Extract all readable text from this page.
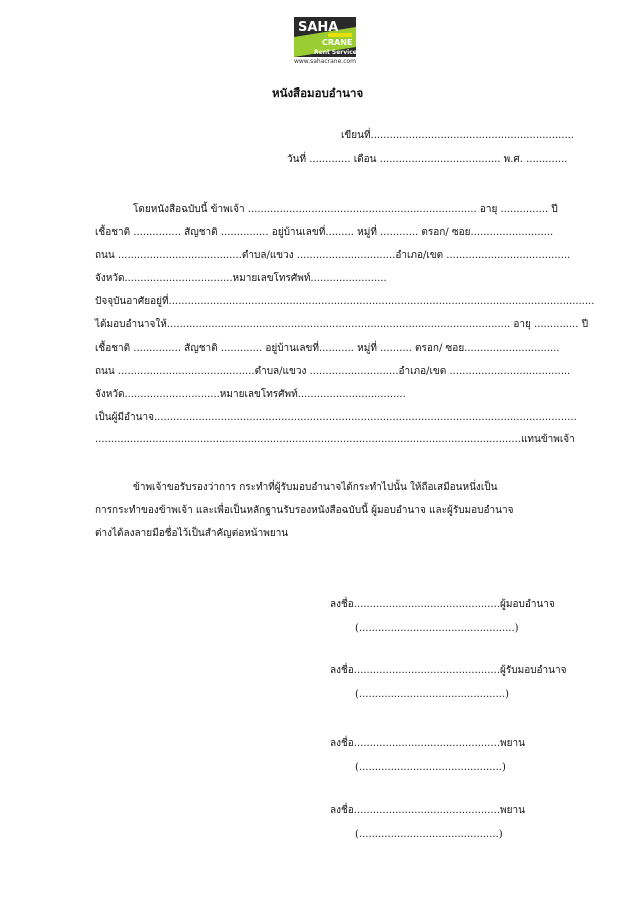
SAHA
CRANE
Rent Service
www.sahacrane.com
หนังสือมอบอำนาจ
เขียนที่................................................................
วันที่ ............. เดือน ...................................... พ.ศ. .............
โดยหนังสือฉบับนี้ ข้าพเจ้า ........................................................................ อายุ ............... ปี
เชื้อชาติ ............... สัญชาติ ............... อยู่บ้านเลขที่......... หมู่ที่ ............ ตรอก/ ซอย..........................
ถนน .......................................ตำบล/แขวง ...............................อำเภอ/เขต .......................................
จังหวัด..................................หมายเลขโทรศัพท์........................
ปัจจุบันอาศัยอยู่ที่......................................................................................................................................
ได้มอบอำนาจให้............................................................................................................ อายุ .............. ปี
เชื้อชาติ ............... สัญชาติ ............. อยู่บ้านเลขที่........... หมู่ที่ .......... ตรอก/ ซอย..............................
ถนน ...........................................ตำบล/แขวง ............................อำเภอ/เขต ......................................
จังหวัด..............................หมายเลขโทรศัพท์..................................
เป็นผู้มีอำนาจ.....................................................................................................................................
......................................................................................................................................แทนข้าพเจ้า
ข้าพเจ้าขอรับรองว่าการ กระทำที่ผู้รับมอบอำนาจได้กระทำไปนั้น ให้ถือเสมือนหนึ่งเป็น
การกระทำของข้าพเจ้า และเพื่อเป็นหลักฐานรับรองหนังสือฉบับนี้ ผู้มอบอำนาจ และผู้รับมอบอำนาจ
ต่างได้ลงลายมือชื่อไว้เป็นสำคัญต่อหน้าพยาน
ลงชื่อ..............................................ผู้มอบอำนาจ
(.................................................)
ลงชื่อ..............................................ผู้รับมอบอำนาจ
(..............................................)
ลงชื่อ..............................................พยาน
(.............................................)
ลงชื่อ..............................................พยาน
(............................................)
